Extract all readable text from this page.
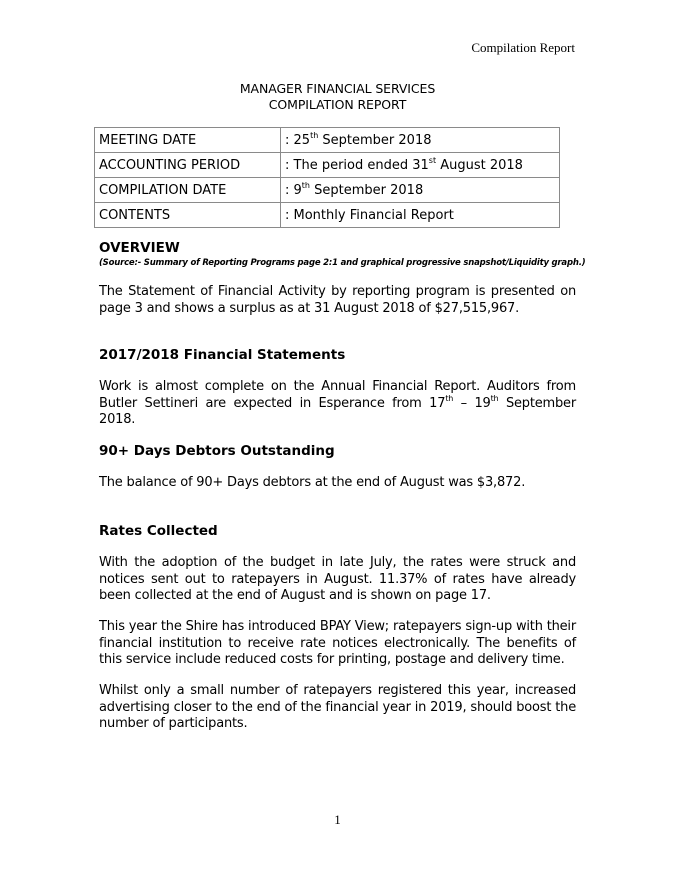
Compilation Report
MANAGER FINANCIAL SERVICES
COMPILATION REPORT
MEETING DATE	: 25th September 2018
ACCOUNTING PERIOD	: The period ended 31st August 2018
COMPILATION DATE	: 9th September 2018
CONTENTS	: Monthly Financial Report
OVERVIEW
(Source:- Summary of Reporting Programs page 2:1 and graphical progressive snapshot/Liquidity graph.)
The Statement of Financial Activity by reporting program is presented on page 3 and shows a surplus as at 31 August 2018 of $27,515,967.
2017/2018 Financial Statements
Work is almost complete on the Annual Financial Report. Auditors from Butler Settineri are expected in Esperance from 17th – 19th September 2018.
90+ Days Debtors Outstanding
The balance of 90+ Days debtors at the end of August was $3,872.
Rates Collected
With the adoption of the budget in late July, the rates were struck and notices sent out to ratepayers in August. 11.37% of rates have already been collected at the end of August and is shown on page 17.
This year the Shire has introduced BPAY View; ratepayers sign-up with their financial institution to receive rate notices electronically. The benefits of this service include reduced costs for printing, postage and delivery time.
Whilst only a small number of ratepayers registered this year, increased advertising closer to the end of the financial year in 2019, should boost the number of participants.
1
